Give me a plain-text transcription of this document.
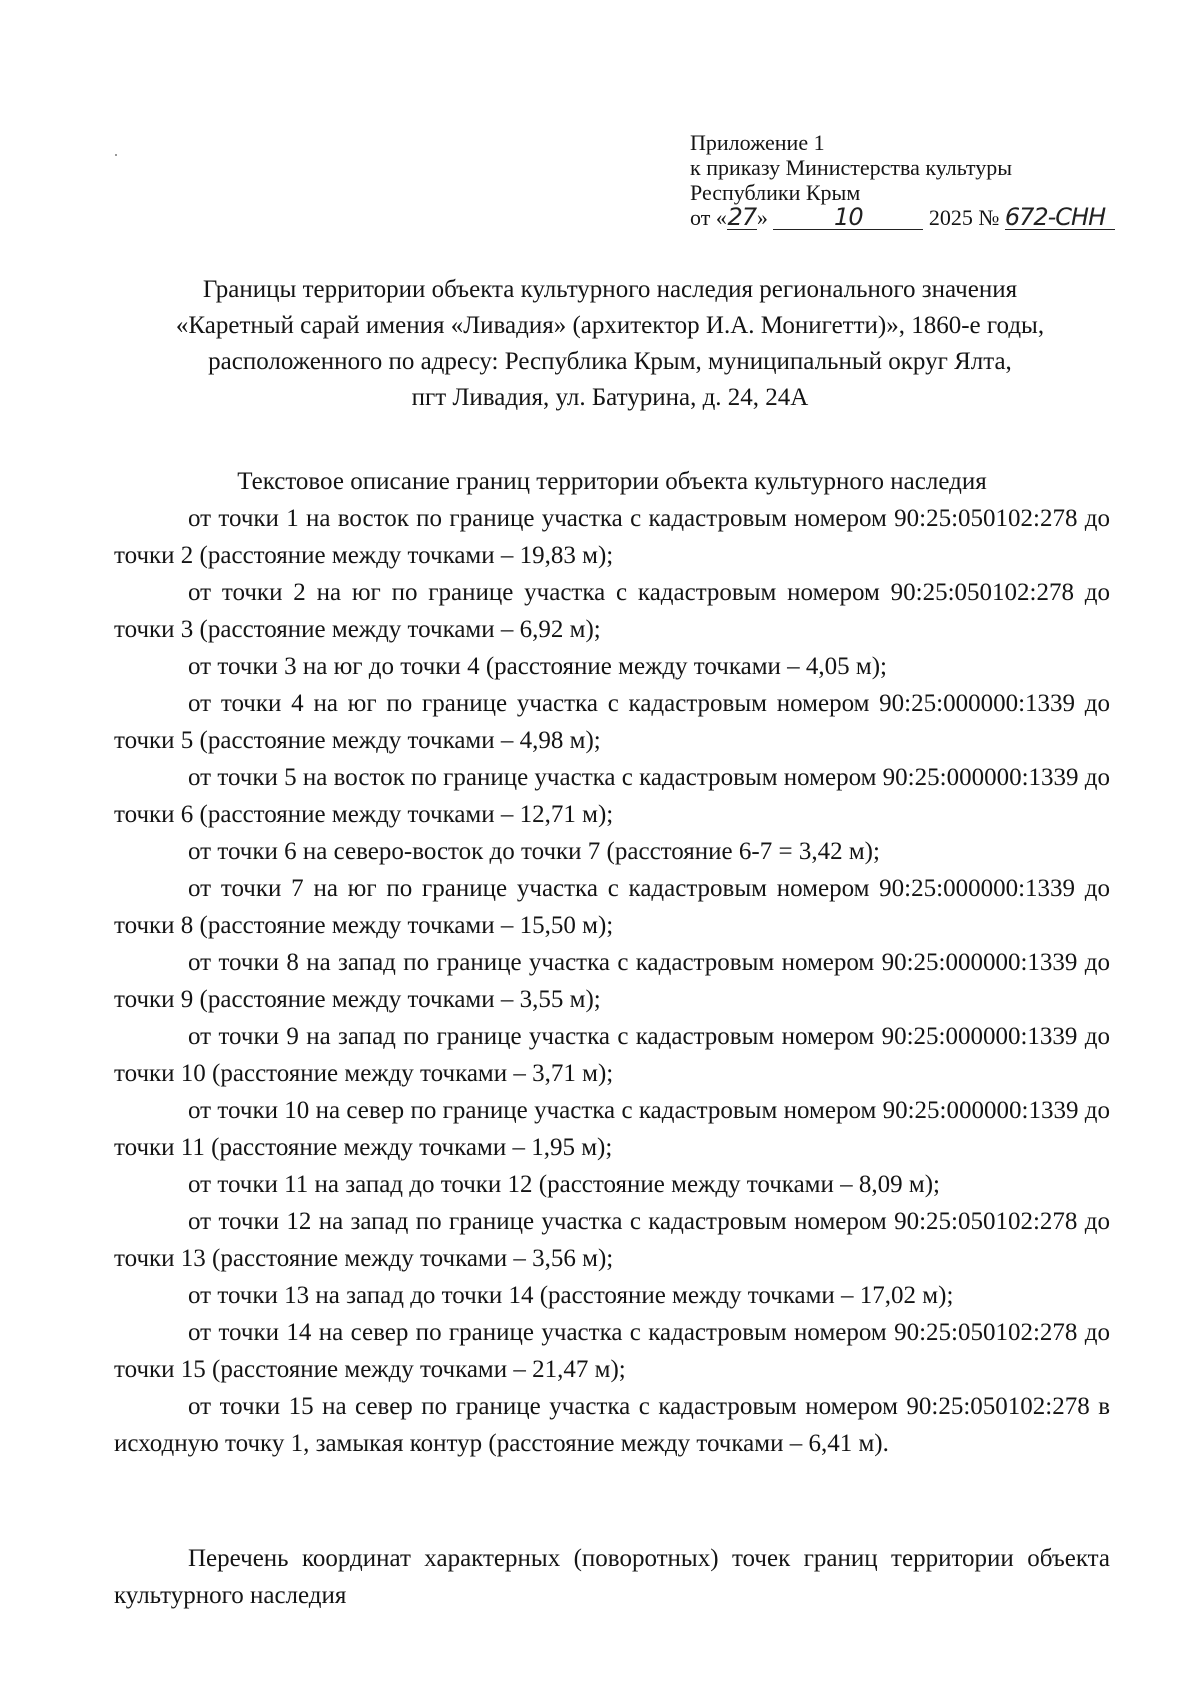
Приложение 1
к приказу Министерства культуры
Республики Крым
от «27»	10	2025 № 672-СНН
Границы территории объекта культурного наследия регионального значения
«Каретный сарай имения «Ливадия» (архитектор И.А. Монигетти)», 1860-е годы,
расположенного по адресу: Республика Крым, муниципальный округ Ялта,
пгт Ливадия, ул. Батурина, д. 24, 24А
Текстовое описание границ территории объекта культурного наследия

от точки 1 на восток по границе участка с кадастровым номером 90:25:050102:278 до точки 2 (расстояние между точками – 19,83 м);

от точки 2 на юг по границе участка с кадастровым номером 90:25:050102:278 до точки 3 (расстояние между точками – 6,92 м);

от точки 3 на юг до точки 4 (расстояние между точками – 4,05 м);

от точки 4 на юг по границе участка с кадастровым номером 90:25:000000:1339 до точки 5 (расстояние между точками – 4,98 м);

от точки 5 на восток по границе участка с кадастровым номером 90:25:000000:1339 до точки 6 (расстояние между точками – 12,71 м);

от точки 6 на северо-восток до точки 7 (расстояние 6-7 = 3,42 м);

от точки 7 на юг по границе участка с кадастровым номером 90:25:000000:1339 до точки 8 (расстояние между точками – 15,50 м);

от точки 8 на запад по границе участка с кадастровым номером 90:25:000000:1339 до точки 9 (расстояние между точками – 3,55 м);

от точки 9 на запад по границе участка с кадастровым номером 90:25:000000:1339 до точки 10 (расстояние между точками – 3,71 м);

от точки 10 на север по границе участка с кадастровым номером 90:25:000000:1339 до точки 11 (расстояние между точками – 1,95 м);

от точки 11 на запад до точки 12 (расстояние между точками – 8,09 м);

от точки 12 на запад по границе участка с кадастровым номером 90:25:050102:278 до точки 13 (расстояние между точками – 3,56 м);

от точки 13 на запад до точки 14 (расстояние между точками – 17,02 м);

от точки 14 на север по границе участка с кадастровым номером 90:25:050102:278 до точки 15 (расстояние между точками – 21,47 м);

от точки 15 на север по границе участка с кадастровым номером 90:25:050102:278 в исходную точку 1, замыкая контур (расстояние между точками – 6,41 м).

Перечень координат характерных (поворотных) точек границ территории объекта культурного наследия
